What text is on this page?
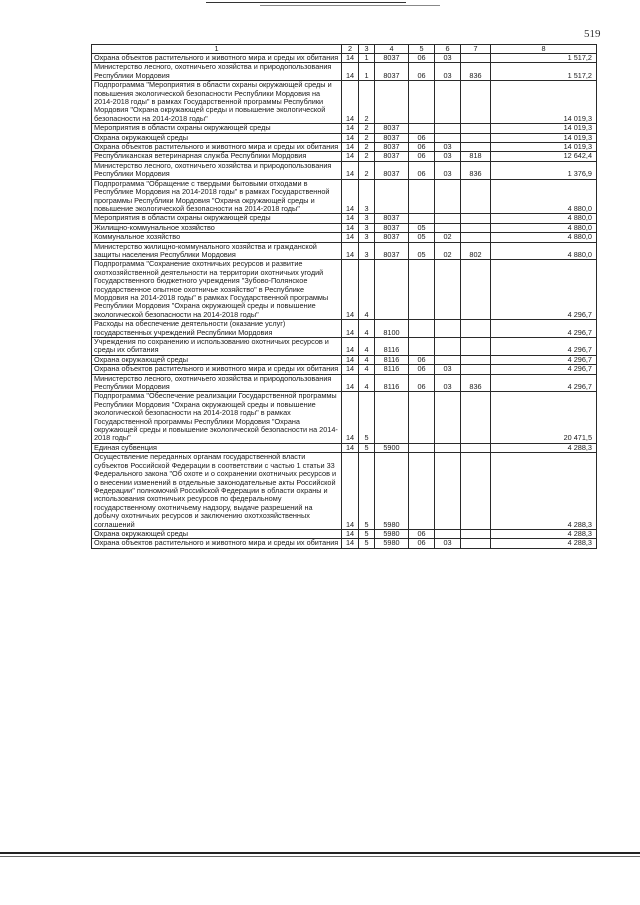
519
1	2	3	4	5	6	7	8
Охрана объектов растительного и животного мира и среды их обитания	14	1	8037	06	03		1 517,2
Министерство лесного, охотничьего хозяйства и природопользования Республики Мордовия	14	1	8037	06	03	836	1 517,2
Подпрограмма "Мероприятия в области охраны окружающей среды и повышения экологической безопасности Республики Мордовия на 2014-2018 годы" в рамках Государственной программы Республики Мордовия "Охрана окружающей среды и повышение экологической безопасности на 2014-2018 годы"	14	2					14 019,3
Мероприятия в области охраны окружающей среды	14	2	8037				14 019,3
Охрана окружающей среды	14	2	8037	06			14 019,3
Охрана объектов растительного и животного мира и среды их обитания	14	2	8037	06	03		14 019,3
Республиканская ветеринарная служба Республики Мордовия	14	2	8037	06	03	818	12 642,4
Министерство лесного, охотничьего хозяйства и природопользования Республики Мордовия	14	2	8037	06	03	836	1 376,9
Подпрограмма "Обращение с твердыми бытовыми отходами в Республике Мордовия на 2014-2018 годы" в рамках Государственной программы Республики Мордовия "Охрана окружающей среды и повышение экологической безопасности на 2014-2018 годы"	14	3					4 880,0
Мероприятия в области охраны окружающей среды	14	3	8037				4 880,0
Жилищно-коммунальное хозяйство	14	3	8037	05			4 880,0
Коммунальное хозяйство	14	3	8037	05	02		4 880,0
Министерство жилищно-коммунального хозяйства и гражданской защиты населения Республики Мордовия	14	3	8037	05	02	802	4 880,0
Подпрограмма "Сохранение охотничьих ресурсов и развитие охотхозяйственной деятельности на территории охотничьих угодий Государственного бюджетного учреждения "Зубово-Полянское государственное опытное охотничье хозяйство" в Республике Мордовия на 2014-2018 годы" в рамках Государственной программы Республики Мордовия "Охрана окружающей среды и повышение экологической безопасности на 2014-2018 годы"	14	4					4 296,7
Расходы на обеспечение деятельности (оказание услуг) государственных учреждений Республики Мордовия	14	4	8100				4 296,7
Учреждения по сохранению и использованию охотничьих ресурсов и среды их обитания	14	4	8116				4 296,7
Охрана окружающей среды	14	4	8116	06			4 296,7
Охрана объектов растительного и животного мира и среды их обитания	14	4	8116	06	03		4 296,7
Министерство лесного, охотничьего хозяйства и природопользования Республики Мордовия	14	4	8116	06	03	836	4 296,7
Подпрограмма "Обеспечение реализации Государственной программы Республики Мордовия "Охрана окружающей среды и повышение экологической безопасности на 2014-2018 годы" в рамках Государственной программы Республики Мордовия "Охрана окружающей среды и повышение экологической безопасности на 2014-2018 годы"	14	5					20 471,5
Единая субвенция	14	5	5900				4 288,3
Осуществление переданных органам государственной власти субъектов Российской Федерации в соответствии с частью 1 статьи 33 Федерального закона "Об охоте и о сохранении охотничьих ресурсов и о внесении изменений в отдельные законодательные акты Российской Федерации" полномочий Российской Федерации в области охраны и использования охотничьих ресурсов по федеральному государственному охотничьему надзору, выдаче разрешений на добычу охотничьих ресурсов и заключению охотхозяйственных соглашений	14	5	5980				4 288,3
Охрана окружающей среды	14	5	5980	06			4 288,3
Охрана объектов растительного и животного мира и среды их обитания	14	5	5980	06	03		4 288,3
